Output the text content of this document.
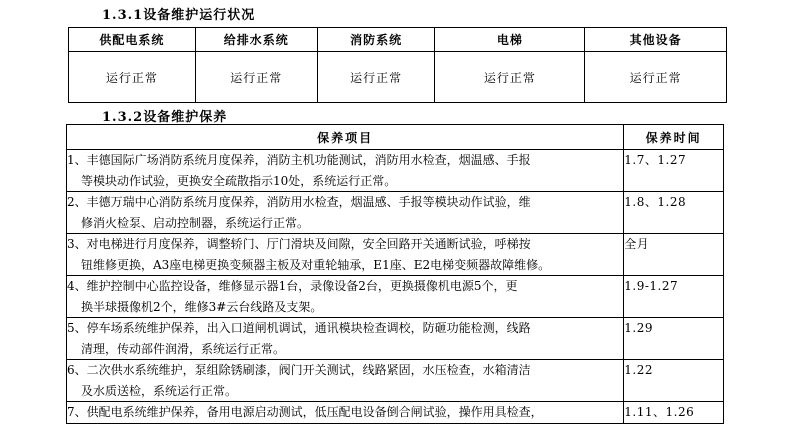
1.3.1设备维护运行状况
供配电系统	给排水系统	消防系统	电梯	其他设备
运行正常	运行正常	运行正常	运行正常	运行正常
1.3.2设备维护保养
保养项目	保养时间

1、丰德国际广场消防系统月度保养，消防主机功能测试，消防用水检查，烟温感、手报
等模块动作试验，更换安全疏散指示10处，系统运行正常。	1.7、1.27

2、丰德万瑞中心消防系统月度保养，消防用水检查，烟温感、手报等模块动作试验，维
修消火检泵、启动控制器，系统运行正常。	1.8、1.28

3、对电梯进行月度保养，调整轿门、厅门滑块及间隙，安全回路开关通断试验，呼梯按
钮维修更换，A3座电梯更换变频器主板及对重轮轴承，E1座、E2电梯变频器故障维修。	全月

4、维护控制中心监控设备，维修显示器1台，录像设备2台，更换摄像机电源5个，更
换半球摄像机2个，维修3#云台线路及支架。	1.9-1.27

5、停车场系统维护保养，出入口道闸机调试，通讯模块检查调校，防砸功能检测，线路
清理，传动部件润滑，系统运行正常。	1.29

6、二次供水系统维护，泵组除锈刷漆，阀门开关测试，线路紧固，水压检查，水箱清洁
及水质送检，系统运行正常。	1.22

7、供配电系统维护保养，备用电源启动测试，低压配电设备倒合闸试验，操作用具检查，	1.11、1.26
